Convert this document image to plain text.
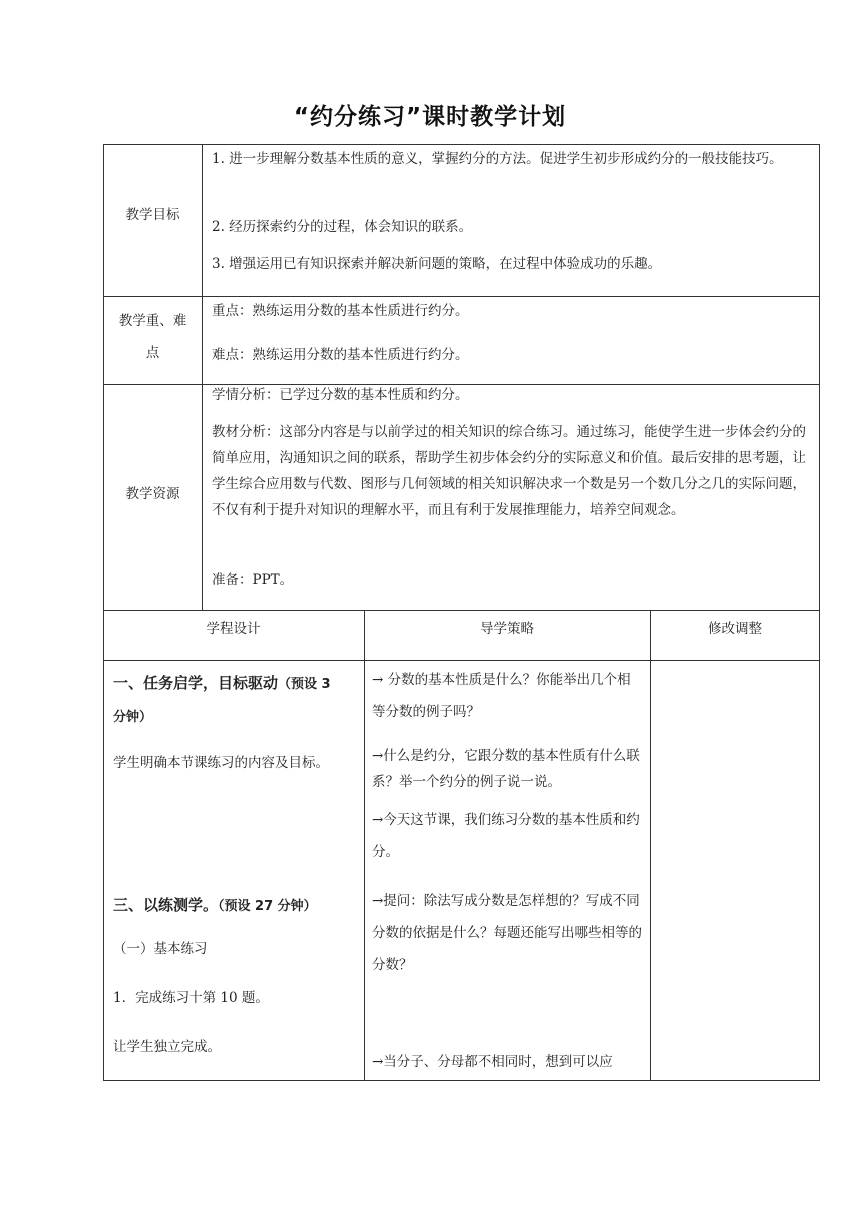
“约分练习”课时教学计划
教学目标
1. 进一步理解分数基本性质的意义，掌握约分的方法。促进学生初步形成约分的一般技能技巧。
2. 经历探索约分的过程，体会知识的联系。
3. 增强运用已有知识探索并解决新问题的策略，在过程中体验成功的乐趣。
教学重、难
点
重点：熟练运用分数的基本性质进行约分。
难点：熟练运用分数的基本性质进行约分。
教学资源
学情分析：已学过分数的基本性质和约分。
教材分析：这部分内容是与以前学过的相关知识的综合练习。通过练习，能使学生进一步体会约分的简单应用，沟通知识之间的联系，帮助学生初步体会约分的实际意义和价值。最后安排的思考题，让学生综合应用数与代数、图形与几何领域的相关知识解决求一个数是另一个数几分之几的实际问题，不仅有利于提升对知识的理解水平，而且有利于发展推理能力，培养空间观念。
准备：PPT。
学程设计	导学策略	修改调整
一、任务启学，目标驱动（预设 3
分钟）
学生明确本节课练习的内容及目标。
三、以练测学。（预设 27 分钟）
（一）基本练习
1．完成练习十第 10 题。
让学生独立完成。
→ 分数的基本性质是什么？你能举出几个相等分数的例子吗？
→什么是约分，它跟分数的基本性质有什么联系？举一个约分的例子说一说。
→今天这节课，我们练习分数的基本性质和约分。
→提问：除法写成分数是怎样想的？写成不同分数的依据是什么？每题还能写出哪些相等的分数？
→当分子、分母都不相同时，想到可以应
